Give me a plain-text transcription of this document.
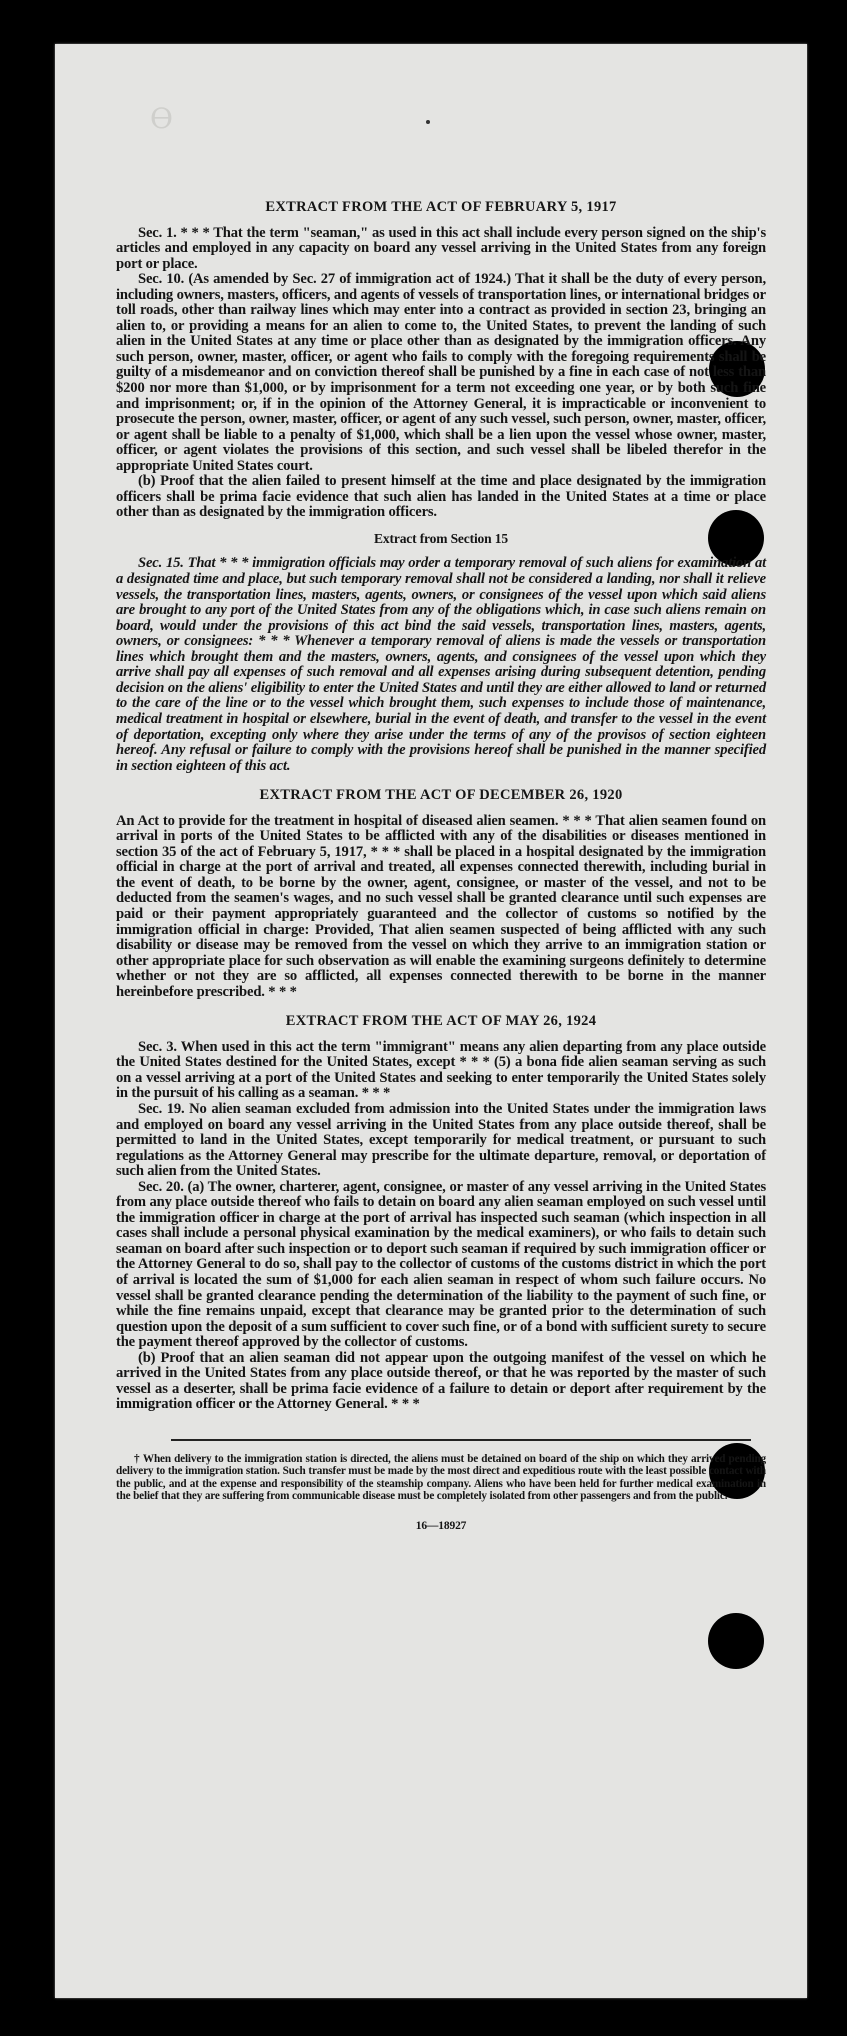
Ɵ
EXTRACT FROM THE ACT OF FEBRUARY 5, 1917

Sec. 1. * * * That the term "seaman," as used in this act shall include every person signed on the ship's articles and employed in any capacity on board any vessel arriving in the United States from any foreign port or place.

Sec. 10. (As amended by Sec. 27 of immigration act of 1924.) That it shall be the duty of every person, including owners, masters, officers, and agents of vessels of transportation lines, or international bridges or toll roads, other than railway lines which may enter into a contract as provided in section 23, bringing an alien to, or providing a means for an alien to come to, the United States, to prevent the landing of such alien in the United States at any time or place other than as designated by the immigration officers. Any such person, owner, master, officer, or agent who fails to comply with the foregoing requirements shall be guilty of a misdemeanor and on conviction thereof shall be punished by a fine in each case of not less than $200 nor more than $1,000, or by imprisonment for a term not exceeding one year, or by both such fine and imprisonment; or, if in the opinion of the Attorney General, it is impracticable or inconvenient to prosecute the person, owner, master, officer, or agent of any such vessel, such person, owner, master, officer, or agent shall be liable to a penalty of $1,000, which shall be a lien upon the vessel whose owner, master, officer, or agent violates the provisions of this section, and such vessel shall be libeled therefor in the appropriate United States court.

(b) Proof that the alien failed to present himself at the time and place designated by the immigration officers shall be prima facie evidence that such alien has landed in the United States at a time or place other than as designated by the immigration officers.

Extract from Section 15

Sec. 15. That * * * immigration officials may order a temporary removal of such aliens for examination at a designated time and place, but such temporary removal shall not be considered a landing, nor shall it relieve vessels, the transportation lines, masters, agents, owners, or consignees of the vessel upon which said aliens are brought to any port of the United States from any of the obligations which, in case such aliens remain on board, would under the provisions of this act bind the said vessels, transportation lines, masters, agents, owners, or consignees: * * * Whenever a temporary removal of aliens is made the vessels or transportation lines which brought them and the masters, owners, agents, and consignees of the vessel upon which they arrive shall pay all expenses of such removal and all expenses arising during subsequent detention, pending decision on the aliens' eligibility to enter the United States and until they are either allowed to land or returned to the care of the line or to the vessel which brought them, such expenses to include those of maintenance, medical treatment in hospital or elsewhere, burial in the event of death, and transfer to the vessel in the event of deportation, excepting only where they arise under the terms of any of the provisos of section eighteen hereof. Any refusal or failure to comply with the provisions hereof shall be punished in the manner specified in section eighteen of this act.

EXTRACT FROM THE ACT OF DECEMBER 26, 1920

An Act to provide for the treatment in hospital of diseased alien seamen. * * * That alien seamen found on arrival in ports of the United States to be afflicted with any of the disabilities or diseases mentioned in section 35 of the act of February 5, 1917, * * * shall be placed in a hospital designated by the immigration official in charge at the port of arrival and treated, all expenses connected therewith, including burial in the event of death, to be borne by the owner, agent, consignee, or master of the vessel, and not to be deducted from the seamen's wages, and no such vessel shall be granted clearance until such expenses are paid or their payment appropriately guaranteed and the collector of customs so notified by the immigration official in charge: Provided, That alien seamen suspected of being afflicted with any such disability or disease may be removed from the vessel on which they arrive to an immigration station or other appropriate place for such observation as will enable the examining surgeons definitely to determine whether or not they are so afflicted, all expenses connected therewith to be borne in the manner hereinbefore prescribed. * * *

EXTRACT FROM THE ACT OF MAY 26, 1924

Sec. 3. When used in this act the term "immigrant" means any alien departing from any place outside the United States destined for the United States, except * * * (5) a bona fide alien seaman serving as such on a vessel arriving at a port of the United States and seeking to enter temporarily the United States solely in the pursuit of his calling as a seaman. * * *

Sec. 19. No alien seaman excluded from admission into the United States under the immigration laws and employed on board any vessel arriving in the United States from any place outside thereof, shall be permitted to land in the United States, except temporarily for medical treatment, or pursuant to such regulations as the Attorney General may prescribe for the ultimate departure, removal, or deportation of such alien from the United States.

Sec. 20. (a) The owner, charterer, agent, consignee, or master of any vessel arriving in the United States from any place outside thereof who fails to detain on board any alien seaman employed on such vessel until the immigration officer in charge at the port of arrival has inspected such seaman (which inspection in all cases shall include a personal physical examination by the medical examiners), or who fails to detain such seaman on board after such inspection or to deport such seaman if required by such immigration officer or the Attorney General to do so, shall pay to the collector of customs of the customs district in which the port of arrival is located the sum of $1,000 for each alien seaman in respect of whom such failure occurs. No vessel shall be granted clearance pending the determination of the liability to the payment of such fine, or while the fine remains unpaid, except that clearance may be granted prior to the determination of such question upon the deposit of a sum sufficient to cover such fine, or of a bond with sufficient surety to secure the payment thereof approved by the collector of customs.

(b) Proof that an alien seaman did not appear upon the outgoing manifest of the vessel on which he arrived in the United States from any place outside thereof, or that he was reported by the master of such vessel as a deserter, shall be prima facie evidence of a failure to detain or deport after requirement by the immigration officer or the Attorney General. * * *

† When delivery to the immigration station is directed, the aliens must be detained on board of the ship on which they arrived pending delivery to the immigration station. Such transfer must be made by the most direct and expeditious route with the least possible contact with the public, and at the expense and responsibility of the steamship company. Aliens who have been held for further medical examination in the belief that they are suffering from communicable disease must be completely isolated from other passengers and from the public.

16—18927
